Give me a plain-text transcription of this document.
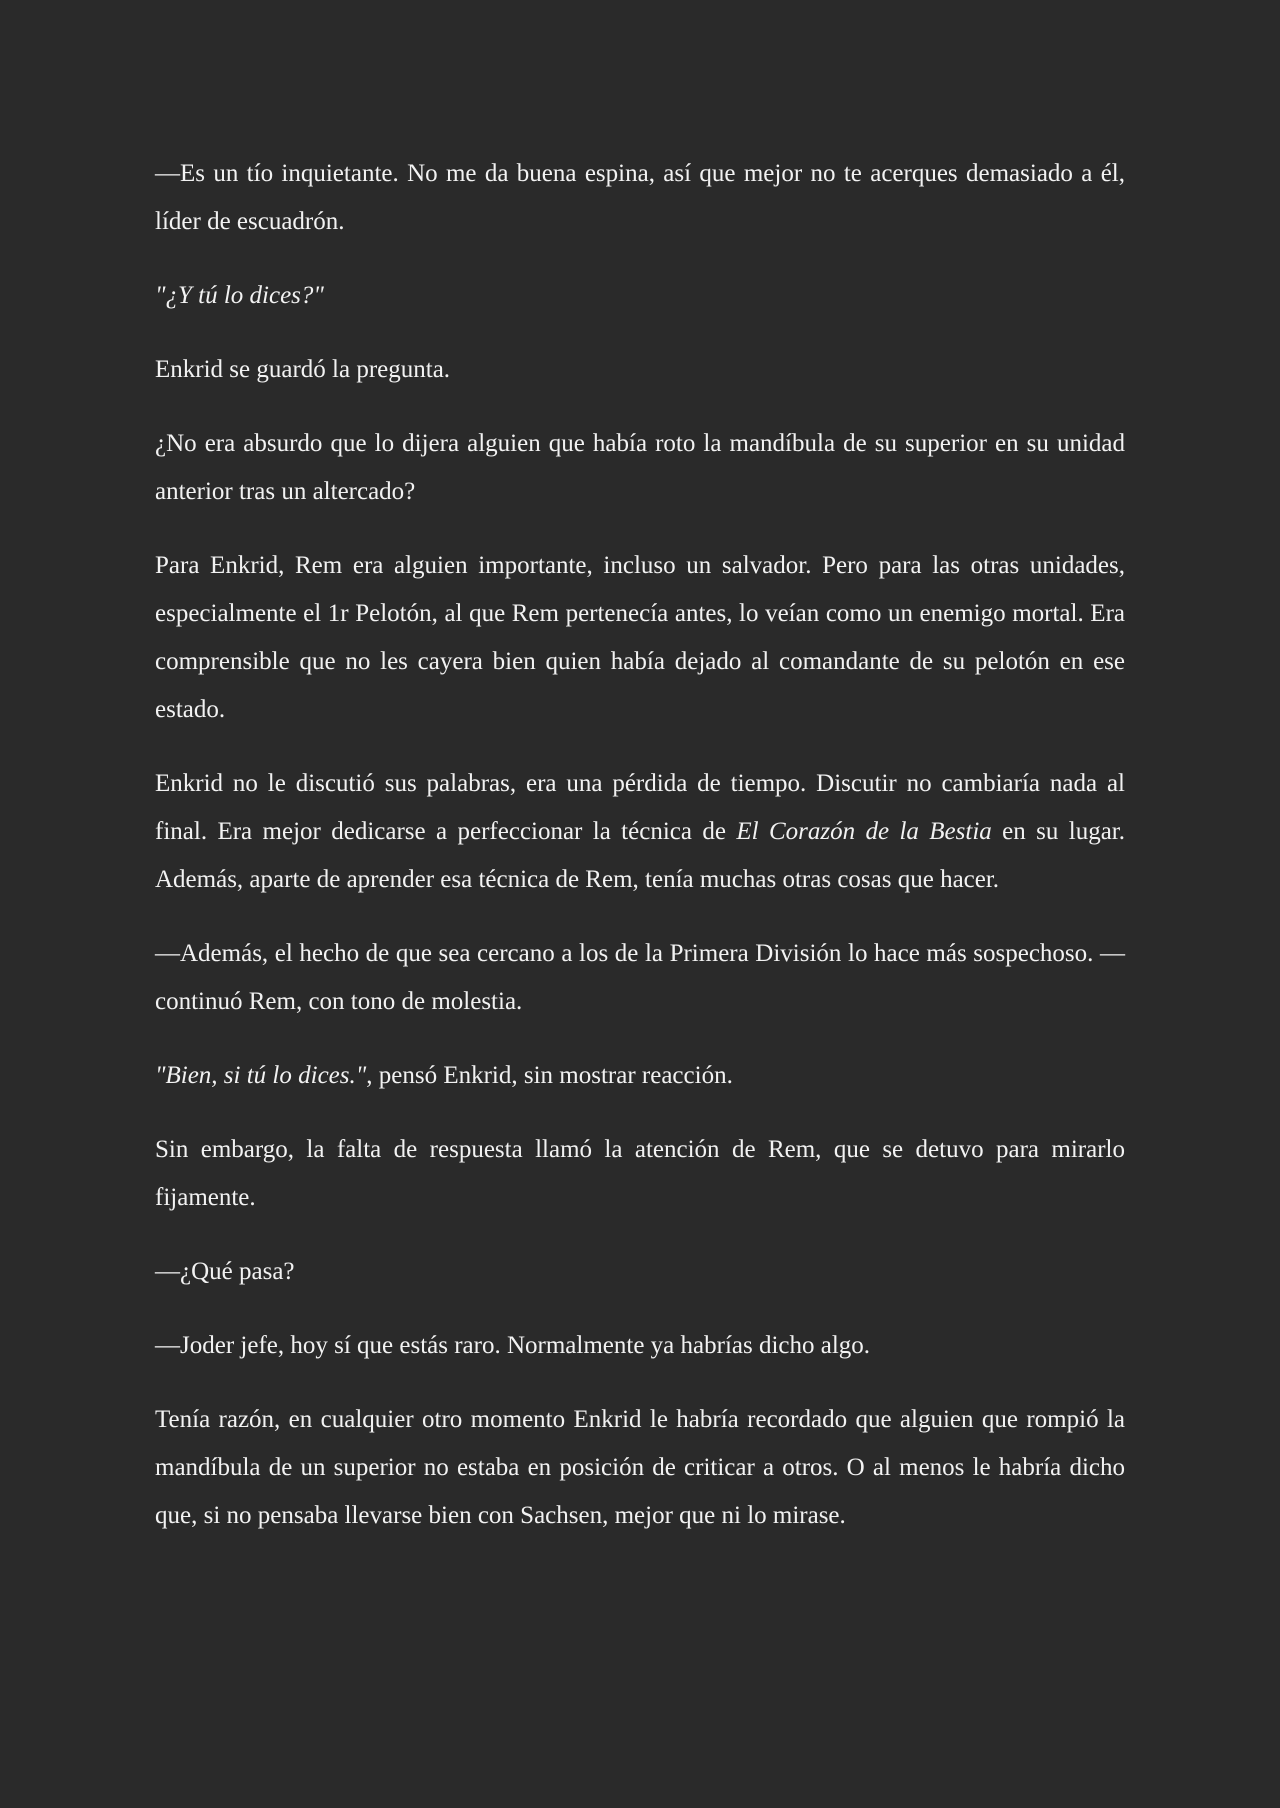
—Es un tío inquietante. No me da buena espina, así que mejor no te acerques demasiado a él, líder de escuadrón.

"¿Y tú lo dices?"

Enkrid se guardó la pregunta.

¿No era absurdo que lo dijera alguien que había roto la mandíbula de su superior en su unidad anterior tras un altercado?

Para Enkrid, Rem era alguien importante, incluso un salvador. Pero para las otras unidades, especialmente el 1r Pelotón, al que Rem pertenecía antes, lo veían como un enemigo mortal. Era comprensible que no les cayera bien quien había dejado al comandante de su pelotón en ese estado.

Enkrid no le discutió sus palabras, era una pérdida de tiempo. Discutir no cambiaría nada al final. Era mejor dedicarse a perfeccionar la técnica de El Corazón de la Bestia en su lugar. Además, aparte de aprender esa técnica de Rem, tenía muchas otras cosas que hacer.

—Además, el hecho de que sea cercano a los de la Primera División lo hace más sospechoso. — continuó Rem, con tono de molestia.

"Bien, si tú lo dices.", pensó Enkrid, sin mostrar reacción.

Sin embargo, la falta de respuesta llamó la atención de Rem, que se detuvo para mirarlo fijamente.

—¿Qué pasa?

—Joder jefe, hoy sí que estás raro. Normalmente ya habrías dicho algo.

Tenía razón, en cualquier otro momento Enkrid le habría recordado que alguien que rompió la mandíbula de un superior no estaba en posición de criticar a otros. O al menos le habría dicho que, si no pensaba llevarse bien con Sachsen, mejor que ni lo mirase.
